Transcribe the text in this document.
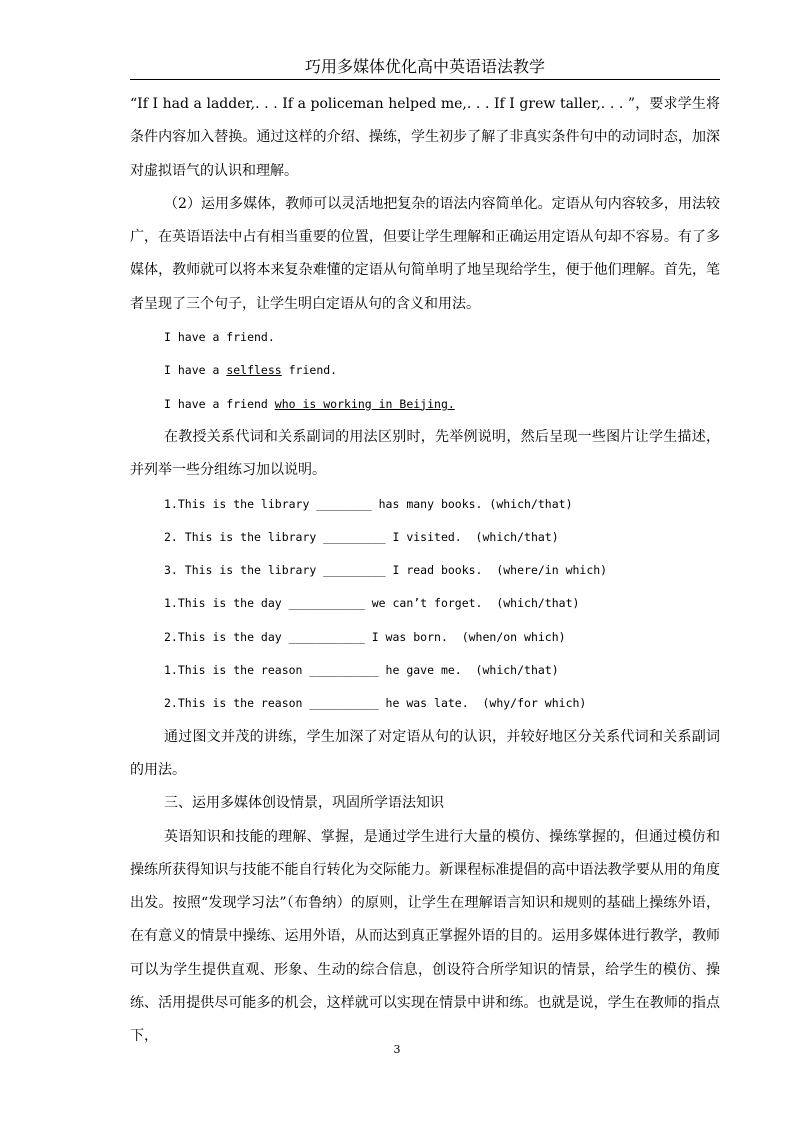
巧用多媒体优化高中英语语法教学

“If I had a ladder,. . . If a policeman helped me,. . . If I grew taller,. . . ”，要求学生将条件内容加入替换。通过这样的介绍、操练，学生初步了解了非真实条件句中的动词时态，加深对虚拟语气的认识和理解。

（2）运用多媒体，教师可以灵活地把复杂的语法内容简单化。定语从句内容较多，用法较广，在英语语法中占有相当重要的位置，但要让学生理解和正确运用定语从句却不容易。有了多媒体，教师就可以将本来复杂难懂的定语从句简单明了地呈现给学生，便于他们理解。首先，笔者呈现了三个句子，让学生明白定语从句的含义和用法。

I have a friend.

I have a selfless friend.

I have a friend who is working in Beijing.

在教授关系代词和关系副词的用法区别时，先举例说明，然后呈现一些图片让学生描述，并列举一些分组练习加以说明。

1.This is the library ________ has many books. (which/that)

2. This is the library _________ I visited.  (which/that)

3. This is the library _________ I read books.  (where/in which)

1.This is the day ___________ we can’t forget.  (which/that)

2.This is the day ___________ I was born.  (when/on which)

1.This is the reason __________ he gave me.  (which/that)

2.This is the reason __________ he was late.  (why/for which)

通过图文并茂的讲练，学生加深了对定语从句的认识，并较好地区分关系代词和关系副词的用法。

三、运用多媒体创设情景，巩固所学语法知识

英语知识和技能的理解、掌握，是通过学生进行大量的模仿、操练掌握的，但通过模仿和操练所获得知识与技能不能自行转化为交际能力。新课程标准提倡的高中语法教学要从用的角度出发。按照“发现学习法”（布鲁纳）的原则，让学生在理解语言知识和规则的基础上操练外语，在有意义的情景中操练、运用外语，从而达到真正掌握外语的目的。运用多媒体进行教学，教师可以为学生提供直观、形象、生动的综合信息，创设符合所学知识的情景，给学生的模仿、操练、活用提供尽可能多的机会，这样就可以实现在情景中讲和练。也就是说，学生在教师的指点下，

3
